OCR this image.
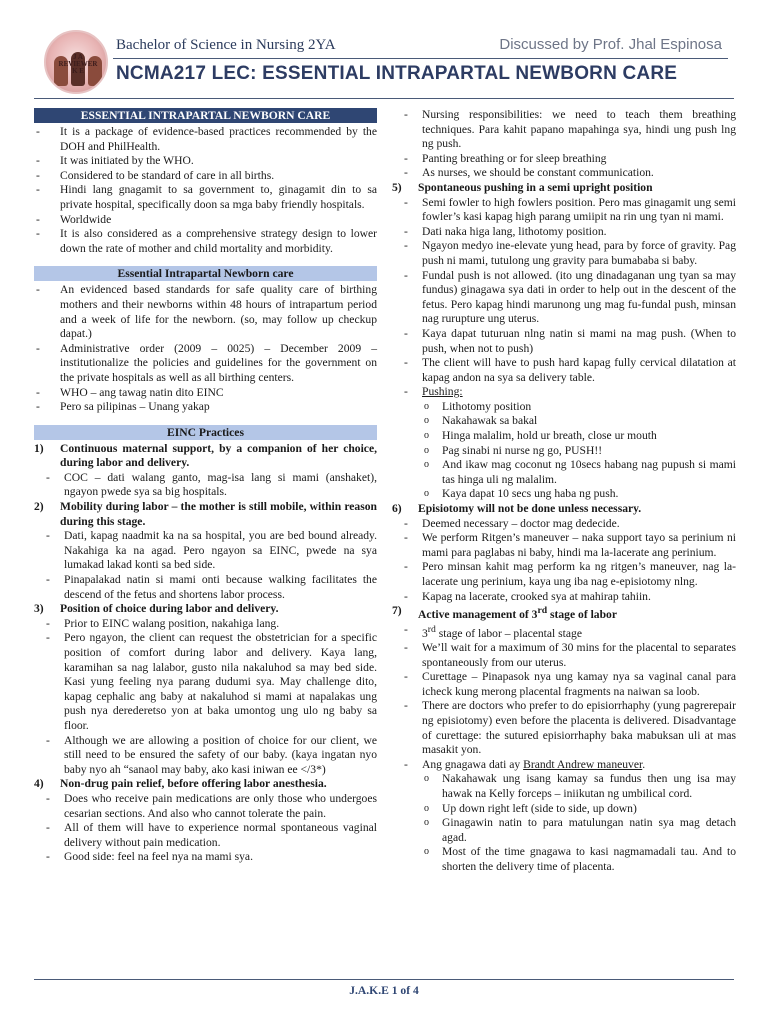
J A
REVIEWER
K E
Bachelor of Science in Nursing 2YA	Discussed by Prof. Jhal Espinosa
NCMA217 LEC: ESSENTIAL INTRAPARTAL NEWBORN CARE
ESSENTIAL INTRAPARTAL NEWBORN CARE
- It is a package of evidence-based practices recommended by the DOH and PhilHealth.
- It was initiated by the WHO.
- Considered to be standard of care in all births.
- Hindi lang gnagamit to sa government to, ginagamit din to sa private hospital, specifically doon sa mga baby friendly hospitals.
- Worldwide
- It is also considered as a comprehensive strategy design to lower down the rate of mother and child mortality and morbidity.
Essential Intrapartal Newborn care
- An evidenced based standards for safe quality care of birthing mothers and their newborns within 48 hours of intrapartum period and a week of life for the newborn. (so, may follow up checkup dapat.)
- Administrative order (2009 – 0025) – December 2009 – institutionalize the policies and guidelines for the government on the private hospitals as well as all birthing centers.
- WHO – ang tawag natin dito EINC
- Pero sa pilipinas – Unang yakap
EINC Practices
1) Continuous maternal support, by a companion of her choice, during labor and delivery.
- COC – dati walang ganto, mag-isa lang si mami (anshaket), ngayon pwede sya sa big hospitals.
2) Mobility during labor – the mother is still mobile, within reason during this stage.
- Dati, kapag naadmit ka na sa hospital, you are bed bound already. Nakahiga ka na agad. Pero ngayon sa EINC, pwede na sya lumakad lakad konti sa bed side.
- Pinapalakad natin si mami onti because walking facilitates the descend of the fetus and shortens labor process.
3) Position of choice during labor and delivery.
- Prior to EINC walang position, nakahiga lang.
- Pero ngayon, the client can request the obstetrician for a specific position of comfort during labor and delivery. Kaya lang, karamihan sa nag lalabor, gusto nila nakaluhod sa may bed side. Kasi yung feeling nya parang dudumi sya. May challenge dito, kapag cephalic ang baby at nakaluhod si mami at napalakas ung push nya derederetso yon at baka umontog ung ulo ng baby sa floor.
- Although we are allowing a position of choice for our client, we still need to be ensured the safety of our baby. (kaya ingatan nyo baby nyo ah “sanaol may baby, ako kasi iniwan ee </3*)
4) Non-drug pain relief, before offering labor anesthesia.
- Does who receive pain medications are only those who undergoes cesarian sections. And also who cannot tolerate the pain.
- All of them will have to experience normal spontaneous vaginal delivery without pain medication.
- Good side: feel na feel nya na mami sya.
- Nursing responsibilities: we need to teach them breathing techniques. Para kahit papano mapahinga sya, hindi ung push lng ng push.
- Panting breathing or for sleep breathing
- As nurses, we should be constant communication.
5) Spontaneous pushing in a semi upright position
- Semi fowler to high fowlers position. Pero mas ginagamit ung semi fowler’s kasi kapag high parang umiipit na rin ung tyan ni mami.
- Dati naka higa lang, lithotomy position.
- Ngayon medyo ine-elevate yung head, para by force of gravity. Pag push ni mami, tutulong ung gravity para bumababa si baby.
- Fundal push is not allowed. (ito ung dinadaganan ung tyan sa may fundus) ginagawa sya dati in order to help out in the descent of the fetus. Pero kapag hindi marunong ung mag fu-fundal push, minsan nag rurupture ung uterus.
- Kaya dapat tuturuan nlng natin si mami na mag push. (When to push, when not to push)
- The client will have to push hard kapag fully cervical dilatation at kapag andon na sya sa delivery table.
- Pushing:
o Lithotomy position
o Nakahawak sa bakal
o Hinga malalim, hold ur breath, close ur mouth
o Pag sinabi ni nurse ng go, PUSH!!
o And ikaw mag coconut ng 10secs habang nag pupush si mami tas hinga uli ng malalim.
o Kaya dapat 10 secs ung haba ng push.
6) Episiotomy will not be done unless necessary.
- Deemed necessary – doctor mag dedecide.
- We perform Ritgen’s maneuver – naka support tayo sa perinium ni mami para paglabas ni baby, hindi ma la-lacerate ang perinium.
- Pero minsan kahit mag perform ka ng ritgen’s maneuver, nag la-lacerate ung perinium, kaya ung iba nag e-episiotomy nlng.
- Kapag na lacerate, crooked sya at mahirap tahiin.
7) Active management of 3rd stage of labor
- 3rd stage of labor – placental stage
- We’ll wait for a maximum of 30 mins for the placental to separates spontaneously from our uterus.
- Curettage – Pinapasok nya ung kamay nya sa vaginal canal para icheck kung merong placental fragments na naiwan sa loob.
- There are doctors who prefer to do episiorrhaphy (yung pagrerepair ng episiotomy) even before the placenta is delivered. Disadvantage of curettage: the sutured episiorrhaphy baka mabuksan uli at mas masakit yon.
- Ang gnagawa dati ay Brandt Andrew maneuver.
o Nakahawak ung isang kamay sa fundus then ung isa may hawak na Kelly forceps – iniikutan ng umbilical cord.
o Up down right left (side to side, up down)
o Ginagawin natin to para matulungan natin sya mag detach agad.
o Most of the time gnagawa to kasi nagmamadali tau. And to shorten the delivery time of placenta.
J.A.K.E 1 of 4
